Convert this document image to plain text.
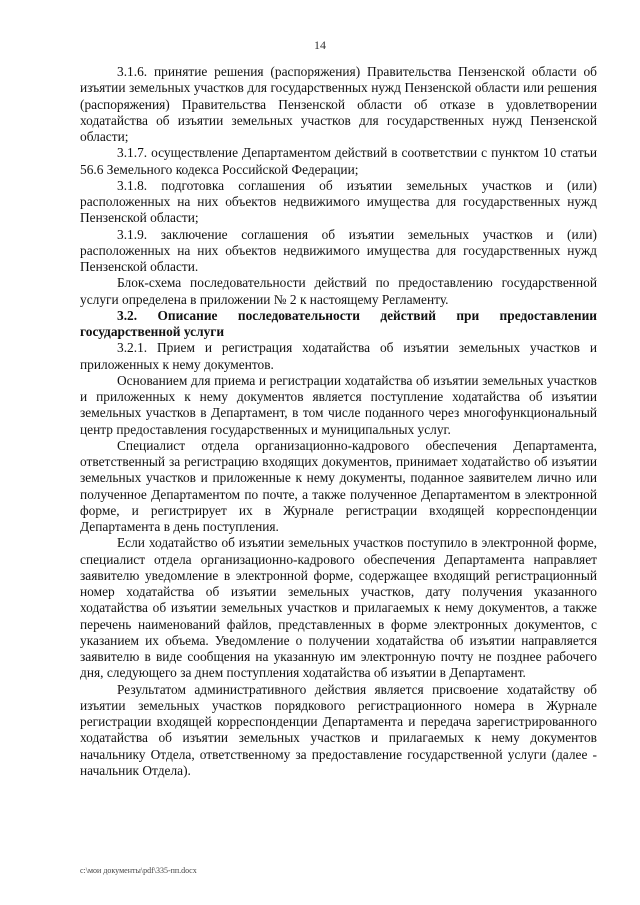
14

3.1.6. принятие решения (распоряжения) Правительства Пензенской области об изъятии земельных участков для государственных нужд Пензенской области или решения (распоряжения) Правительства Пензенской области об отказе в удовлетворении ходатайства об изъятии земельных участков для государственных нужд Пензенской области;

3.1.7. осуществление Департаментом действий в соответствии с пунктом 10 статьи 56.6 Земельного кодекса Российской Федерации;

3.1.8. подготовка соглашения об изъятии земельных участков и (или) расположенных на них объектов недвижимого имущества для государственных нужд Пензенской области;

3.1.9. заключение соглашения об изъятии земельных участков и (или) расположенных на них объектов недвижимого имущества для государственных нужд Пензенской области.

Блок-схема последовательности действий по предоставлению государственной услуги определена в приложении № 2 к настоящему Регламенту.

3.2. Описание последовательности действий при предоставлении государственной услуги

3.2.1. Прием и регистрация ходатайства об изъятии земельных участков и приложенных к нему документов.

Основанием для приема и регистрации ходатайства об изъятии земельных участков и приложенных к нему документов является поступление ходатайства об изъятии земельных участков в Департамент, в том числе поданного через многофункциональный центр предоставления государственных и муниципальных услуг.

Специалист отдела организационно-кадрового обеспечения Департамента, ответственный за регистрацию входящих документов, принимает ходатайство об изъятии земельных участков и приложенные к нему документы, поданное заявителем лично или полученное Департаментом по почте, а также полученное Департаментом в электронной форме, и регистрирует их в Журнале регистрации входящей корреспонденции Департамента в день поступления.

Если ходатайство об изъятии земельных участков поступило в электронной форме, специалист отдела организационно-кадрового обеспечения Департамента направляет заявителю уведомление в электронной форме, содержащее входящий регистрационный номер ходатайства об изъятии земельных участков, дату получения указанного ходатайства об изъятии земельных участков и прилагаемых к нему документов, а также перечень наименований файлов, представленных в форме электронных документов, с указанием их объема. Уведомление о получении ходатайства об изъятии направляется заявителю в виде сообщения на указанную им электронную почту не позднее рабочего дня, следующего за днем поступления ходатайства об изъятии в Департамент.

Результатом административного действия является присвоение ходатайству об изъятии земельных участков порядкового регистрационного номера в Журнале регистрации входящей корреспонденции Департамента и передача зарегистрированного ходатайства об изъятии земельных участков и прилагаемых к нему документов начальнику Отдела, ответственному за предоставление государственной услуги (далее - начальник Отдела).

c:\мои документы\pdf\335-пп.docx
